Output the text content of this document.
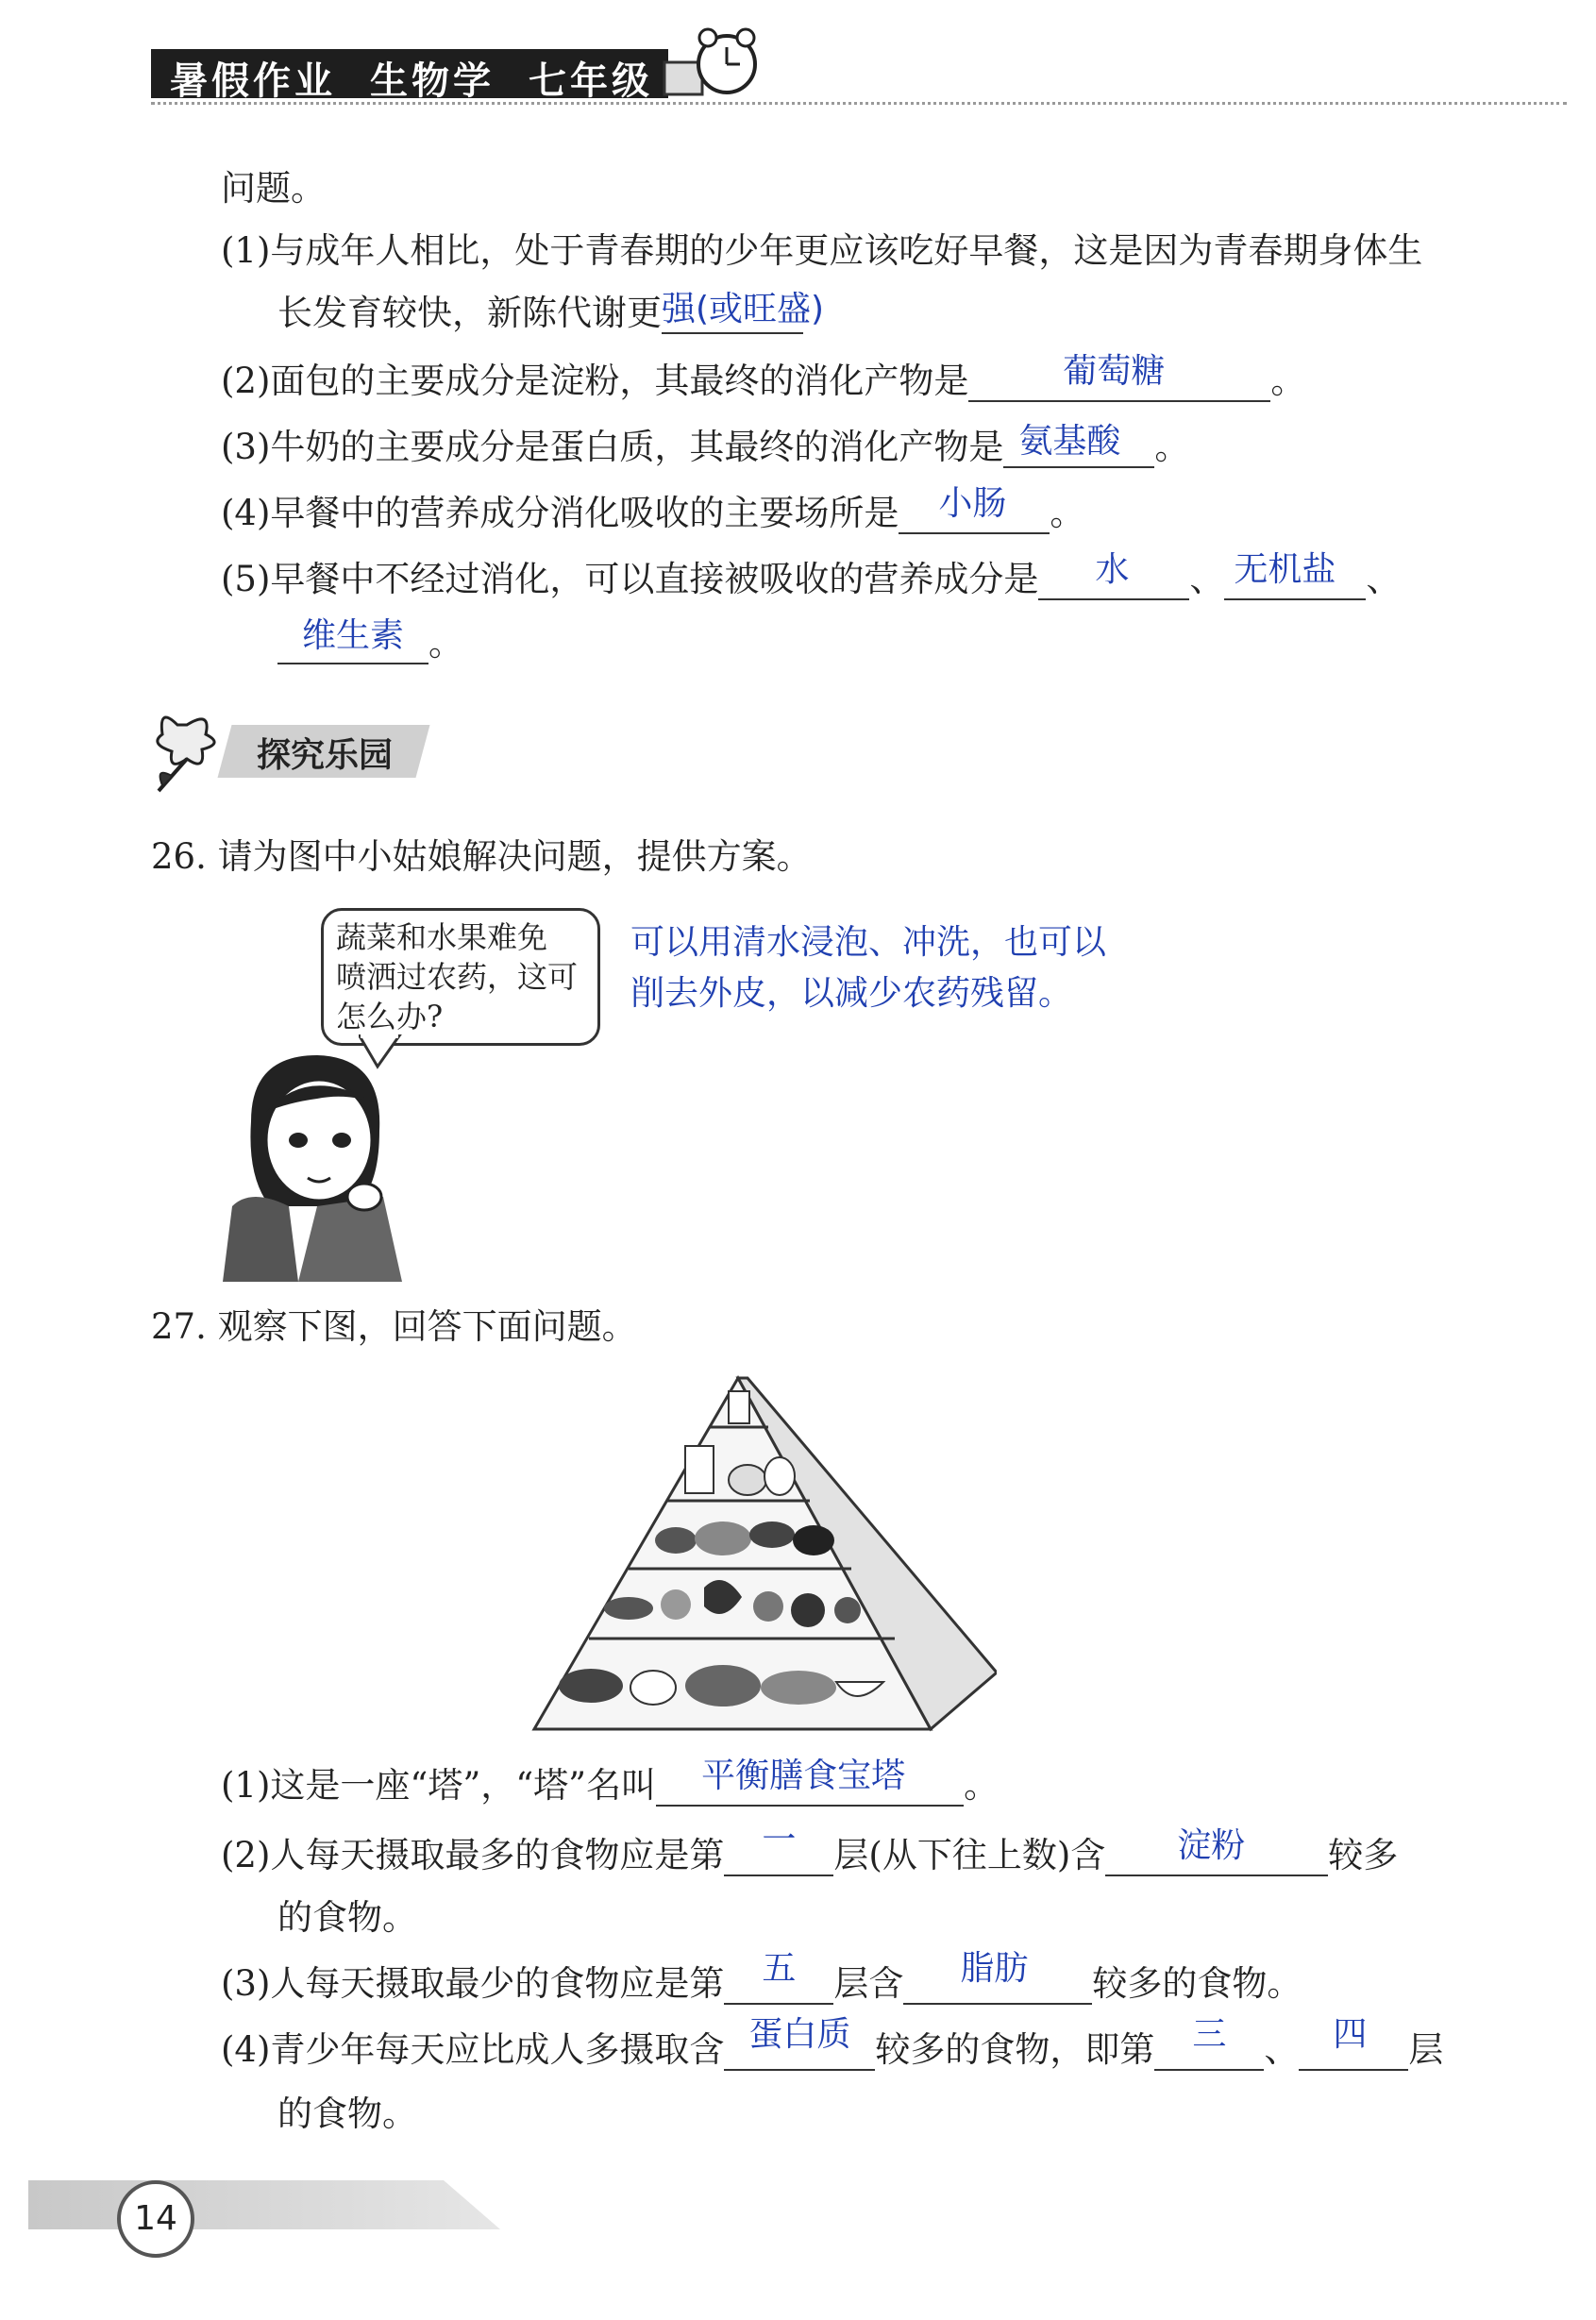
暑假作业 生物学 七年级
问题。
(1)与成年人相比，处于青春期的少年更应该吃好早餐，这是因为青春期身体生
长发育较快，新陈代谢更 强(或旺盛)
(2)面包的主要成分是淀粉，其最终的消化产物是	葡萄糖	。
(3)牛奶的主要成分是蛋白质，其最终的消化产物是 氨基酸 。
(4)早餐中的营养成分消化吸收的主要场所是 小肠 。
(5)早餐中不经过消化，可以直接被吸收的营养成分是 水 、 无机盐 、
维生素 。
探究乐园
26. 请为图中小姑娘解决问题，提供方案。
蔬菜和水果难免
喷洒过农药，这可
怎么办?
可以用清水浸泡、冲洗，也可以
削去外皮，以减少农药残留。
27. 观察下图，回答下面问题。
(1)这是一座“塔”，“塔”名叫 平衡膳食宝塔 。
(2)人每天摄取最多的食物应是第 一 层(从下往上数)含 淀粉 较多
的食物。
(3)人每天摄取最少的食物应是第 五 层含 脂肪 较多的食物。
(4)青少年每天应比成人多摄取含 蛋白质 较多的食物，即第 三 、 四 层
的食物。
14
